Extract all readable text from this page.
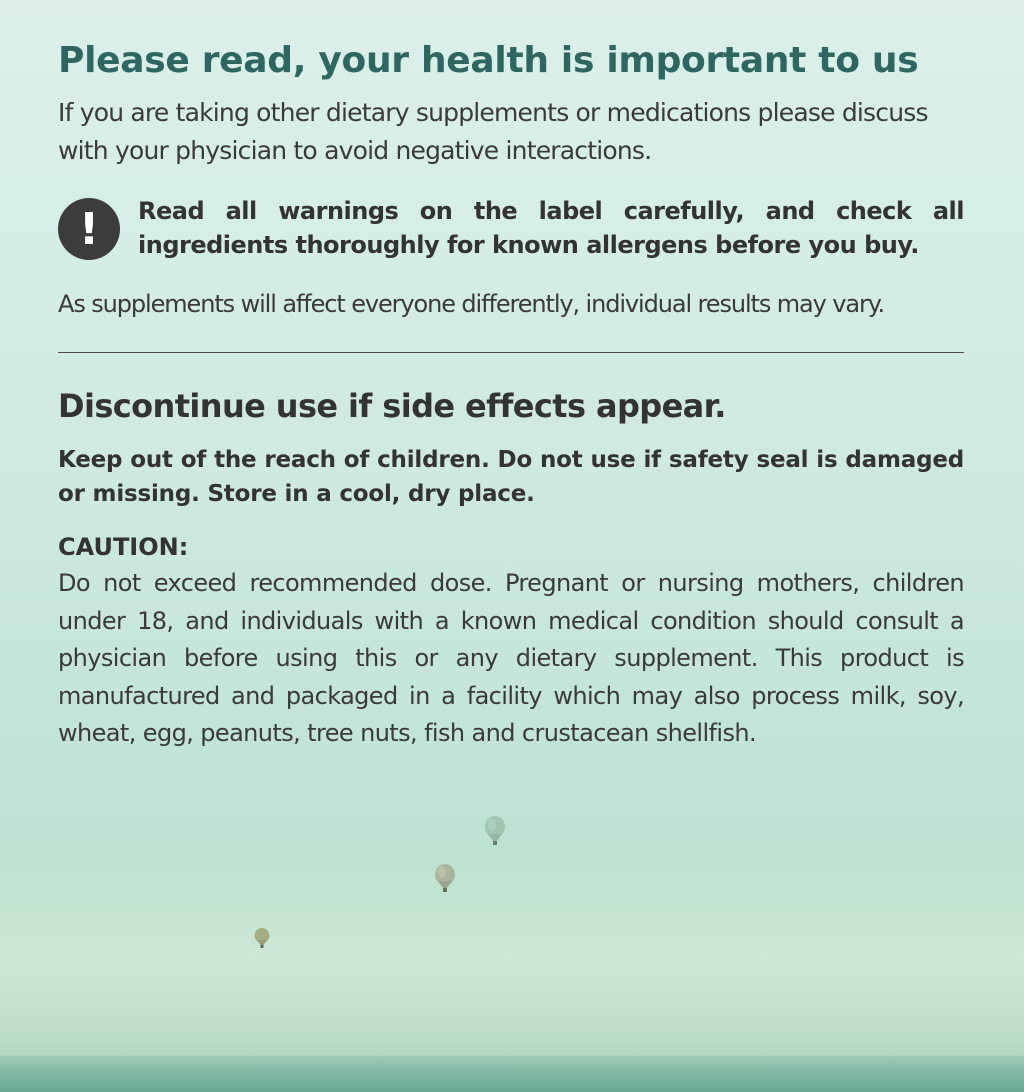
Please read, your health is important to us

If you are taking other dietary supplements or medications please discuss with your physician to avoid negative interactions.

!	Read all warnings on the label carefully, and check all ingredients thoroughly for known allergens before you buy.

As supplements will affect everyone differently, individual results may vary.

Discontinue use if side effects appear.

Keep out of the reach of children. Do not use if safety seal is damaged or missing. Store in a cool, dry place.

CAUTION:

Do not exceed recommended dose. Pregnant or nursing mothers, children under 18, and individuals with a known medical condition should consult a physician before using this or any dietary supplement. This product is manufactured and packaged in a facility which may also process milk, soy, wheat, egg, peanuts, tree nuts, fish and crustacean shellfish.
